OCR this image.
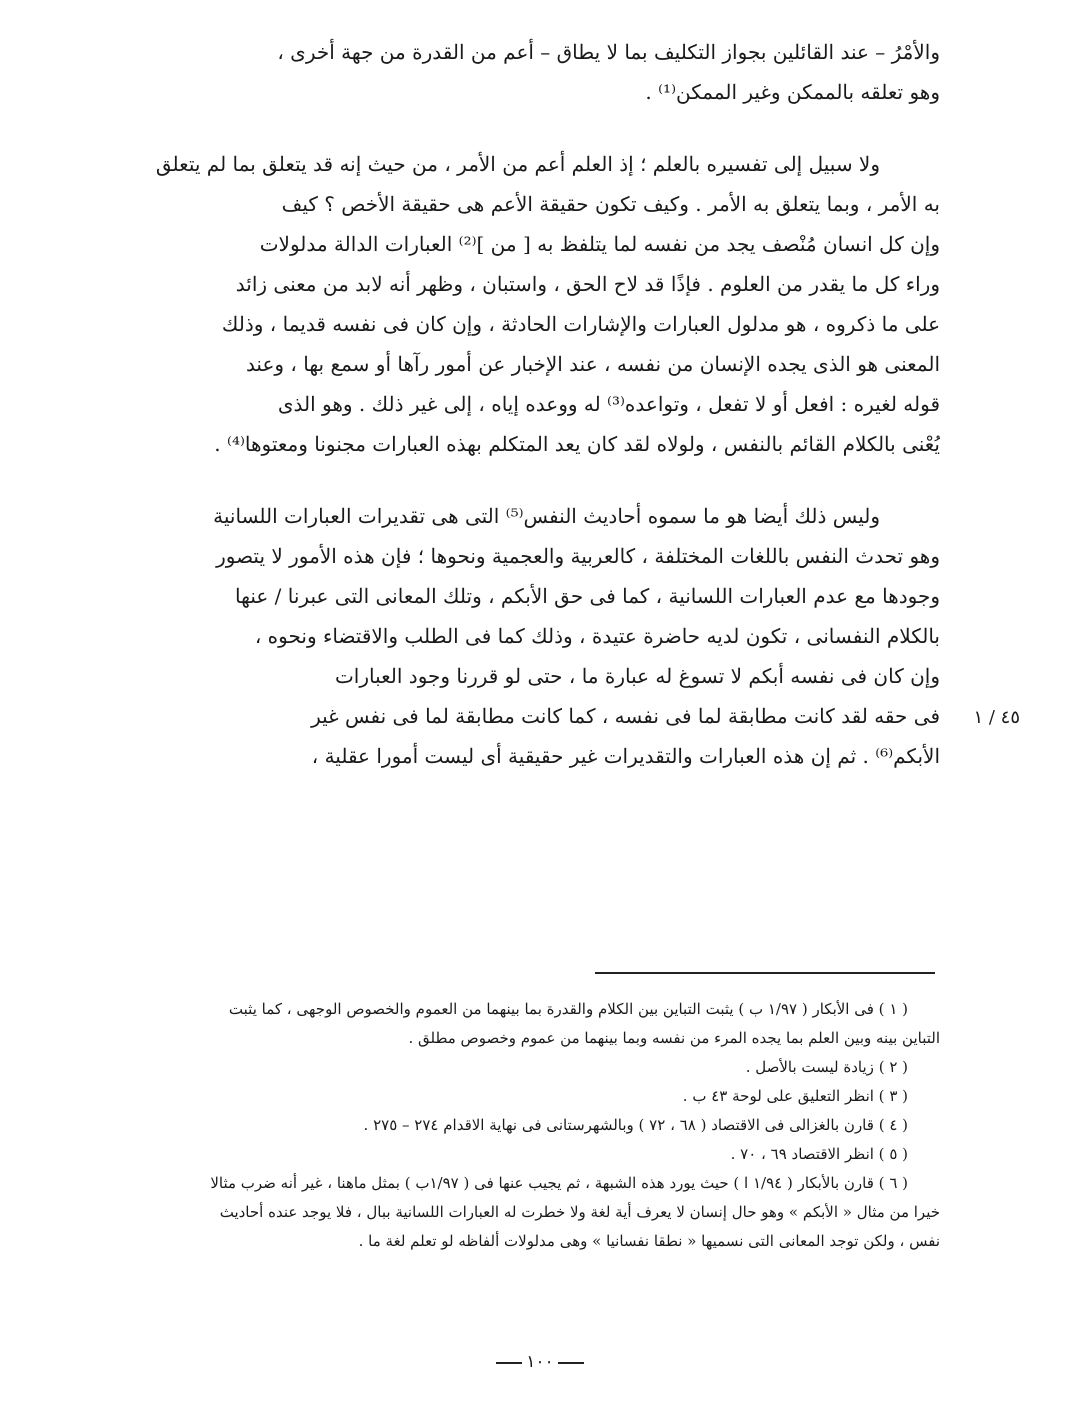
والأمْرُ – عند القائلين بجواز التكليف بما لا يطاق – أعم من القدرة من جهة أخرى ،
وهو تعلقه بالممكن وغير الممكن⁽¹⁾ .
ولا سبيل إلى تفسيره بالعلم ؛ إذ العلم أعم من الأمر ، من حيث إنه قد يتعلق بما لم يتعلق
به الأمر ، وبما يتعلق به الأمر . وكيف تكون حقيقة الأعم هى حقيقة الأخص ؟ كيف
وإن كل انسان مُنْصف يجد من نفسه لما يتلفظ به [ من ]⁽²⁾ العبارات الدالة مدلولات
وراء كل ما يقدر من العلوم . فإذًا قد لاح الحق ، واستبان ، وظهر أنه لابد من معنى زائد
على ما ذكروه ، هو مدلول العبارات والإشارات الحادثة ، وإن كان فى نفسه قديما ، وذلك
المعنى هو الذى يجده الإنسان من نفسه ، عند الإخبار عن أمور رآها أو سمع بها ، وعند
قوله لغيره : افعل أو لا تفعل ، وتواعده⁽³⁾ له ووعده إياه ، إلى غير ذلك . وهو الذى
يُعْنى بالكلام القائم بالنفس ، ولولاه لقد كان يعد المتكلم بهذه العبارات مجنونا ومعتوها⁽⁴⁾ .
وليس ذلك أيضا هو ما سموه أحاديث النفس⁽⁵⁾ التى هى تقديرات العبارات اللسانية
وهو تحدث النفس باللغات المختلفة ، كالعربية والعجمية ونحوها ؛ فإن هذه الأمور لا يتصور
وجودها مع عدم العبارات اللسانية ، كما فى حق الأبكم ، وتلك المعانى التى عبرنا / عنها
بالكلام النفسانى ، تكون لديه حاضرة عتيدة ، وذلك كما فى الطلب والاقتضاء ونحوه ،
وإن كان فى نفسه أبكم لا تسوغ له عبارة ما ، حتى لو قررنا وجود العبارات
فى حقه لقد كانت مطابقة لما فى نفسه ، كما كانت مطابقة لما فى نفس غير
الأبكم⁽⁶⁾ . ثم إن هذه العبارات والتقديرات غير حقيقية أى ليست أمورا عقلية ،
٤٥ / ١
( ١ ) فى الأبكار ( ١/٩٧ ب ) يثبت التباين بين الكلام والقدرة بما بينهما من العموم والخصوص الوجهى ، كما يثبت
التباين بينه وبين العلم بما يجده المرء من نفسه وبما بينهما من عموم وخصوص مطلق .
( ٢ ) زيادة ليست بالأصل .
( ٣ ) انظر التعليق على لوحة ٤٣ ب .
( ٤ ) قارن بالغزالى فى الاقتصاد ( ٦٨ ، ٧٢ ) وبالشهرستانى فى نهاية الاقدام ٢٧٤ – ٢٧٥ .
( ٥ ) انظر الاقتصاد ٦٩ ، ٧٠ .
( ٦ ) قارن بالأبكار ( ١/٩٤ ا ) حيث يورد هذه الشبهة ، ثم يجيب عنها فى ( ١/٩٧ب ) بمثل ماهنا ، غير أنه ضرب مثالا
خيرا من مثال « الأبكم » وهو حال إنسان لا يعرف أية لغة ولا خطرت له العبارات اللسانية ببال ، فلا يوجد عنده أحاديث
نفس ، ولكن توجد المعانى التى نسميها « نطقا نفسانيا » وهى مدلولات ألفاظه لو تعلم لغة ما .
١٠٠
